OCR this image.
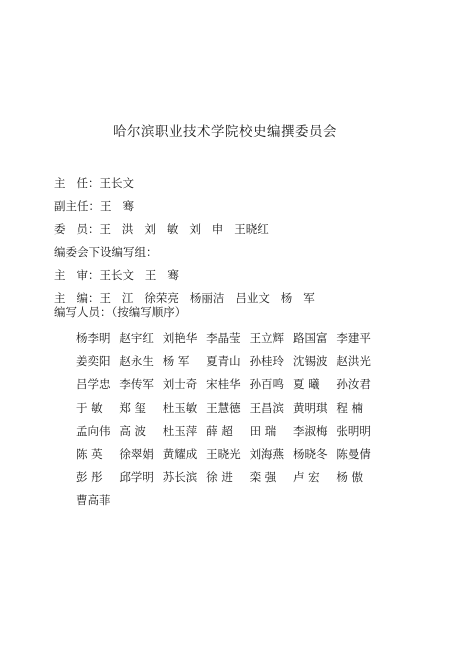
哈尔滨职业技术学院校史编撰委员会
主   任：王长文
副主任：王   骞
委   员：王   洪   刘   敏   刘   申   王晓红
编委会下设编写组：
主   审：王长文   王   骞
主   编：王   江   徐荣亮   杨丽洁   吕业文   杨   军
编写人员：（按编写顺序）
杨李明 赵宇红 刘艳华 李晶莹 王立辉 路国富 李建平
姜奕阳 赵永生 杨 军 夏青山 孙桂玲 沈锡波 赵洪光
吕学忠 李传军 刘士奇 宋桂华 孙百鸣 夏 曦 孙汝君
于 敏 郑 玺 杜玉敏 王慧德 王昌滨 黄明琪 程 楠
孟向伟 高 波 杜玉萍 薛 超 田 瑞 李淑梅 张明明
陈 英 徐翠娟 黄耀成 王晓光 刘海燕 杨晓冬 陈曼倩
彭 彤 邱学明 苏长滨 徐 进 栾 强 卢 宏 杨 傲
曹高菲
